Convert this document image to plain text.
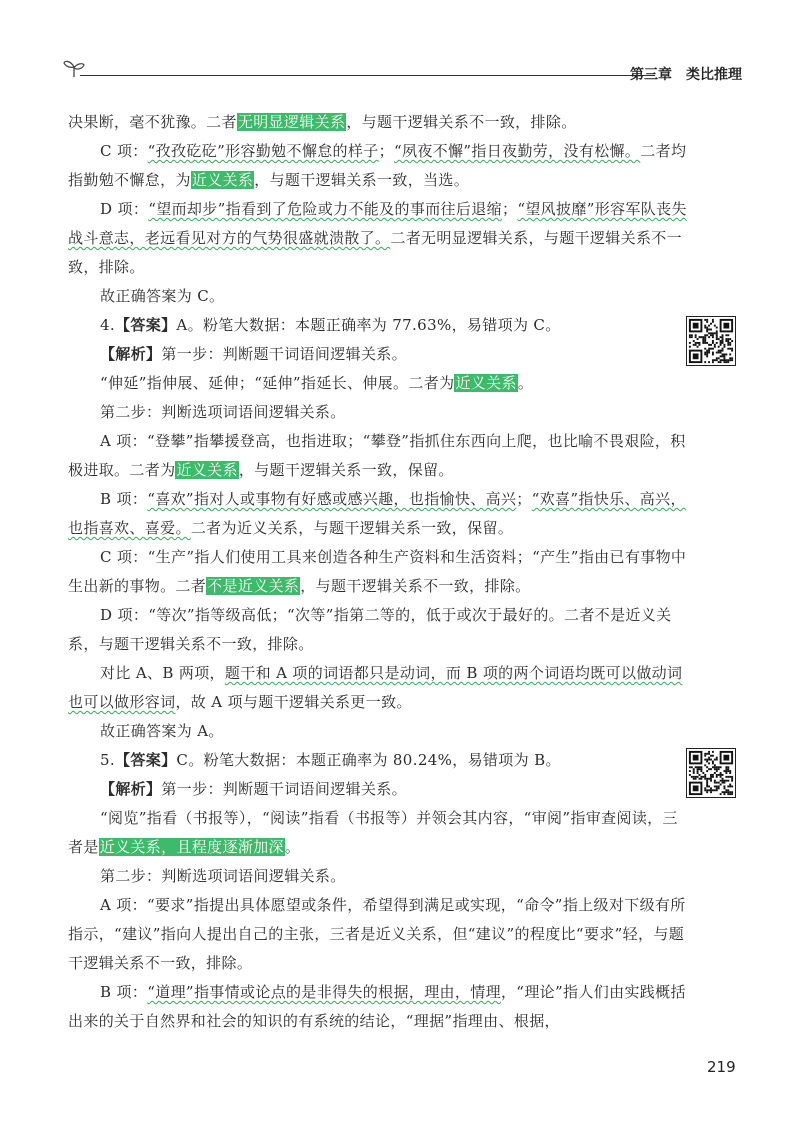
第三章 类比推理

决果断，毫不犹豫。二者无明显逻辑关系，与题干逻辑关系不一致，排除。

C 项：“孜孜矻矻”形容勤勉不懈怠的样子；“夙夜不懈”指日夜勤劳，没有松懈。二者均指勤勉不懈怠，为近义关系，与题干逻辑关系一致，当选。

D 项：“望而却步”指看到了危险或力不能及的事而往后退缩；“望风披靡”形容军队丧失战斗意志，老远看见对方的气势很盛就溃散了。二者无明显逻辑关系，与题干逻辑关系不一致，排除。

故正确答案为 C。

4.【答案】A。粉笔大数据：本题正确率为 77.63%，易错项为 C。

【解析】第一步：判断题干词语间逻辑关系。

“伸延”指伸展、延伸；“延伸”指延长、伸展。二者为近义关系。

第二步：判断选项词语间逻辑关系。

A 项：“登攀”指攀援登高，也指进取；“攀登”指抓住东西向上爬，也比喻不畏艰险，积极进取。二者为近义关系，与题干逻辑关系一致，保留。

B 项：“喜欢”指对人或事物有好感或感兴趣，也指愉快、高兴；“欢喜”指快乐、高兴，也指喜欢、喜爱。二者为近义关系，与题干逻辑关系一致，保留。

C 项：“生产”指人们使用工具来创造各种生产资料和生活资料；“产生”指由已有事物中生出新的事物。二者不是近义关系，与题干逻辑关系不一致，排除。

D 项：“等次”指等级高低；“次等”指第二等的，低于或次于最好的。二者不是近义关系，与题干逻辑关系不一致，排除。

对比 A、B 两项，题干和 A 项的词语都只是动词，而 B 项的两个词语均既可以做动词也可以做形容词，故 A 项与题干逻辑关系更一致。

故正确答案为 A。

5.【答案】C。粉笔大数据：本题正确率为 80.24%，易错项为 B。

【解析】第一步：判断题干词语间逻辑关系。

“阅览”指看（书报等），“阅读”指看（书报等）并领会其内容，“审阅”指审查阅读，三者是近义关系，且程度逐渐加深。

第二步：判断选项词语间逻辑关系。

A 项：“要求”指提出具体愿望或条件，希望得到满足或实现，“命令”指上级对下级有所指示，“建议”指向人提出自己的主张，三者是近义关系，但“建议”的程度比“要求”轻，与题干逻辑关系不一致，排除。

B 项：“道理”指事情或论点的是非得失的根据，理由，情理，“理论”指人们由实践概括出来的关于自然界和社会的知识的有系统的结论，“理据”指理由、根据，

219
